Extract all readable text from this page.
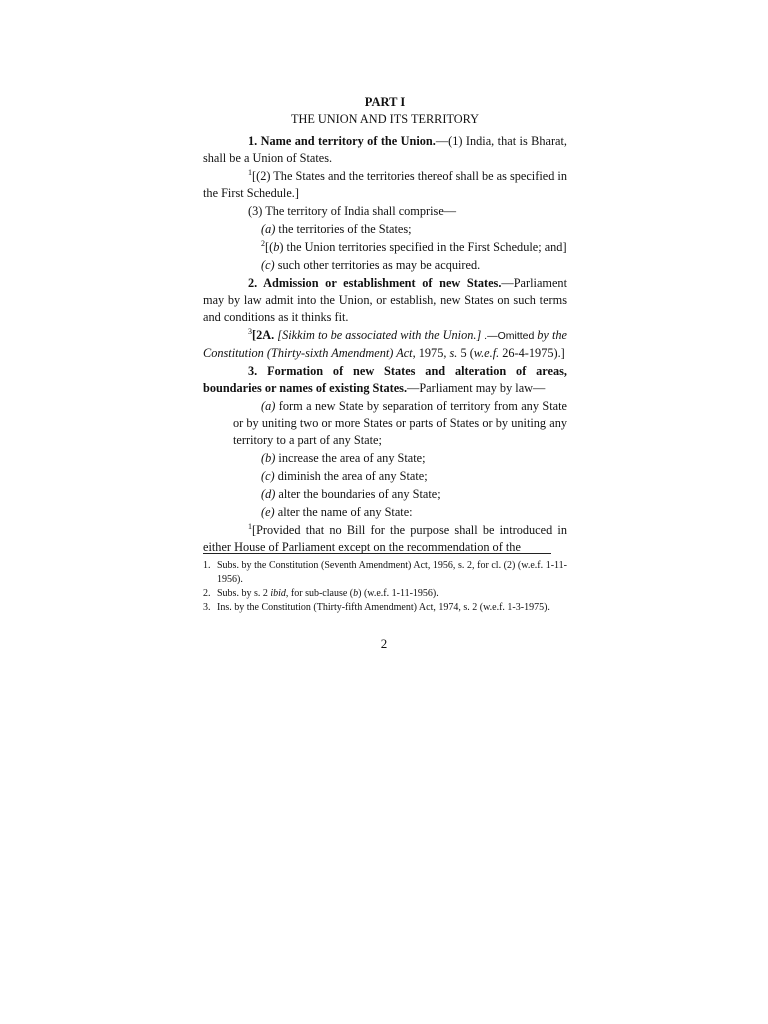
PART I

THE UNION AND ITS TERRITORY

1. Name and territory of the Union.—(1) India, that is Bharat, shall be a Union of States.

$^1$[(2) The States and the territories thereof shall be as specified in the First Schedule.]

(3) The territory of India shall comprise—

(a) the territories of the States;

$^2$[(b) the Union territories specified in the First Schedule; and]

(c) such other territories as may be acquired.

2. Admission or establishment of new States.—Parliament may by law admit into the Union, or establish, new States on such terms and conditions as it thinks fit.

$^3$[2A. [Sikkim to be associated with the Union.] .—Omitted by the Constitution (Thirty-sixth Amendment) Act, 1975, s. 5 (w.e.f. 26-4-1975).]

3. Formation of new States and alteration of areas, boundaries or names of existing States.—Parliament may by law—

(a) form a new State by separation of territory from any State or by uniting two or more States or parts of States or by uniting any territory to a part of any State;

(b) increase the area of any State;

(c) diminish the area of any State;

(d) alter the boundaries of any State;

(e) alter the name of any State:

$^1$[Provided that no Bill for the purpose shall be introduced in either House of Parliament except on the recommendation of the

1. Subs. by the Constitution (Seventh Amendment) Act, 1956, s. 2, for cl. (2) (w.e.f. 1-11-1956).
2. Subs. by s. 2 ibid, for sub-clause (b) (w.e.f. 1-11-1956).
3. Ins. by the Constitution (Thirty-fifth Amendment) Act, 1974, s. 2 (w.e.f. 1-3-1975).
2
